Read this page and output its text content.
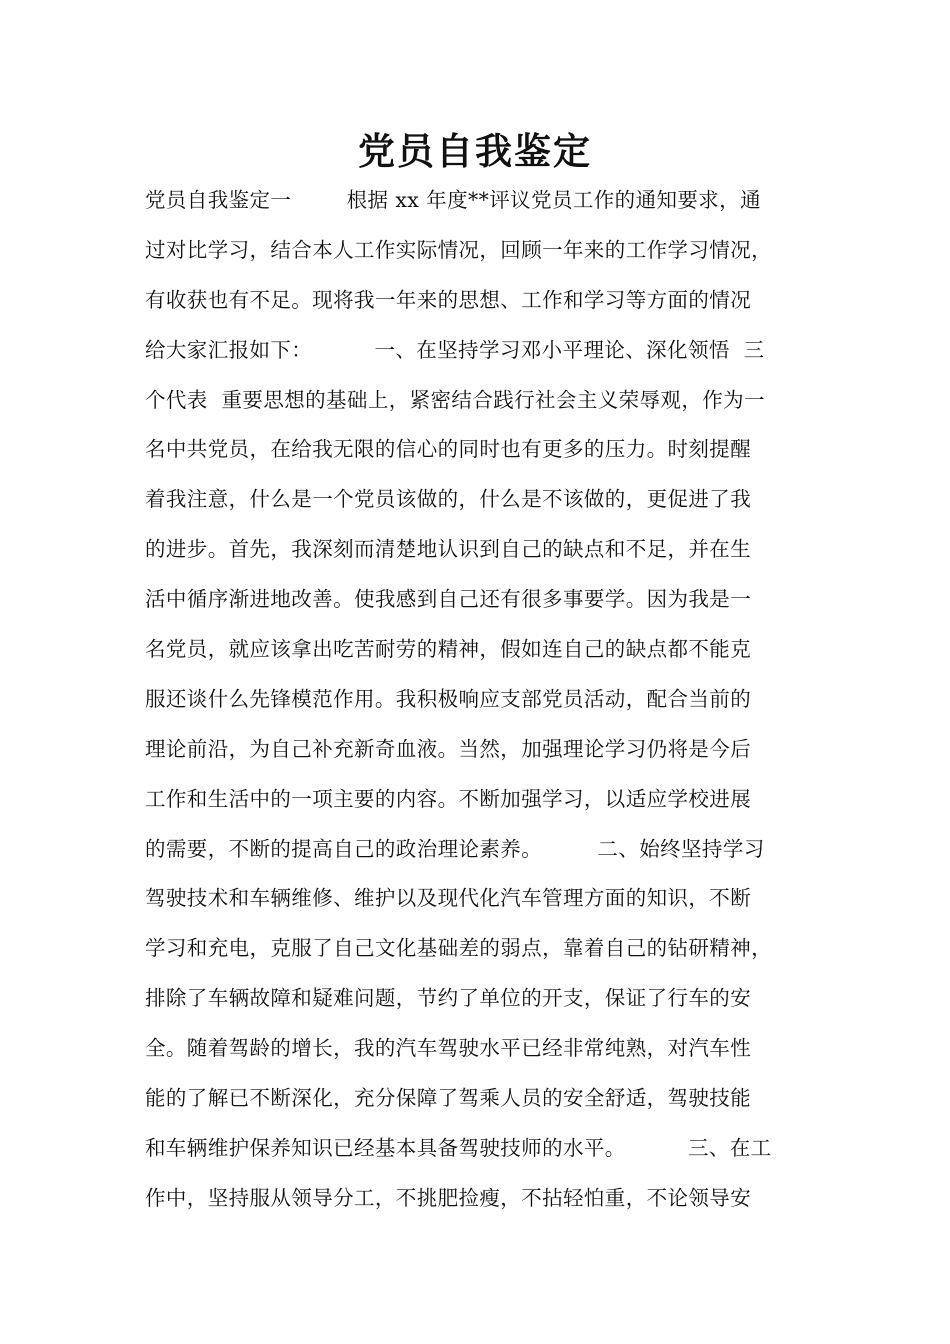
党员自我鉴定
党员自我鉴定一        根据 xx 年度**评议党员工作的通知要求，通
过对比学习，结合本人工作实际情况，回顾一年来的工作学习情况，
有收获也有不足。现将我一年来的思想、工作和学习等方面的情况
给大家汇报如下：         一、在坚持学习邓小平理论、深化领悟  三
个代表  重要思想的基础上，紧密结合践行社会主义荣辱观，作为一
名中共党员，在给我无限的信心的同时也有更多的压力。时刻提醒
着我注意，什么是一个党员该做的，什么是不该做的，更促进了我
的进步。首先，我深刻而清楚地认识到自己的缺点和不足，并在生
活中循序渐进地改善。使我感到自己还有很多事要学。因为我是一
名党员，就应该拿出吃苦耐劳的精神，假如连自己的缺点都不能克
服还谈什么先锋模范作用。我积极响应支部党员活动，配合当前的
理论前沿，为自己补充新奇血液。当然，加强理论学习仍将是今后
工作和生活中的一项主要的内容。不断加强学习，以适应学校进展
的需要，不断的提高自己的政治理论素养。        二、始终坚持学习
驾驶技术和车辆维修、维护以及现代化汽车管理方面的知识，不断
学习和充电，克服了自己文化基础差的弱点，靠着自己的钻研精神，
排除了车辆故障和疑难问题，节约了单位的开支，保证了行车的安
全。随着驾龄的增长，我的汽车驾驶水平已经非常纯熟，对汽车性
能的了解已不断深化，充分保障了驾乘人员的安全舒适，驾驶技能
和车辆维护保养知识已经基本具备驾驶技师的水平。         三、在工
作中，坚持服从领导分工，不挑肥捡瘦，不拈轻怕重，不论领导安
